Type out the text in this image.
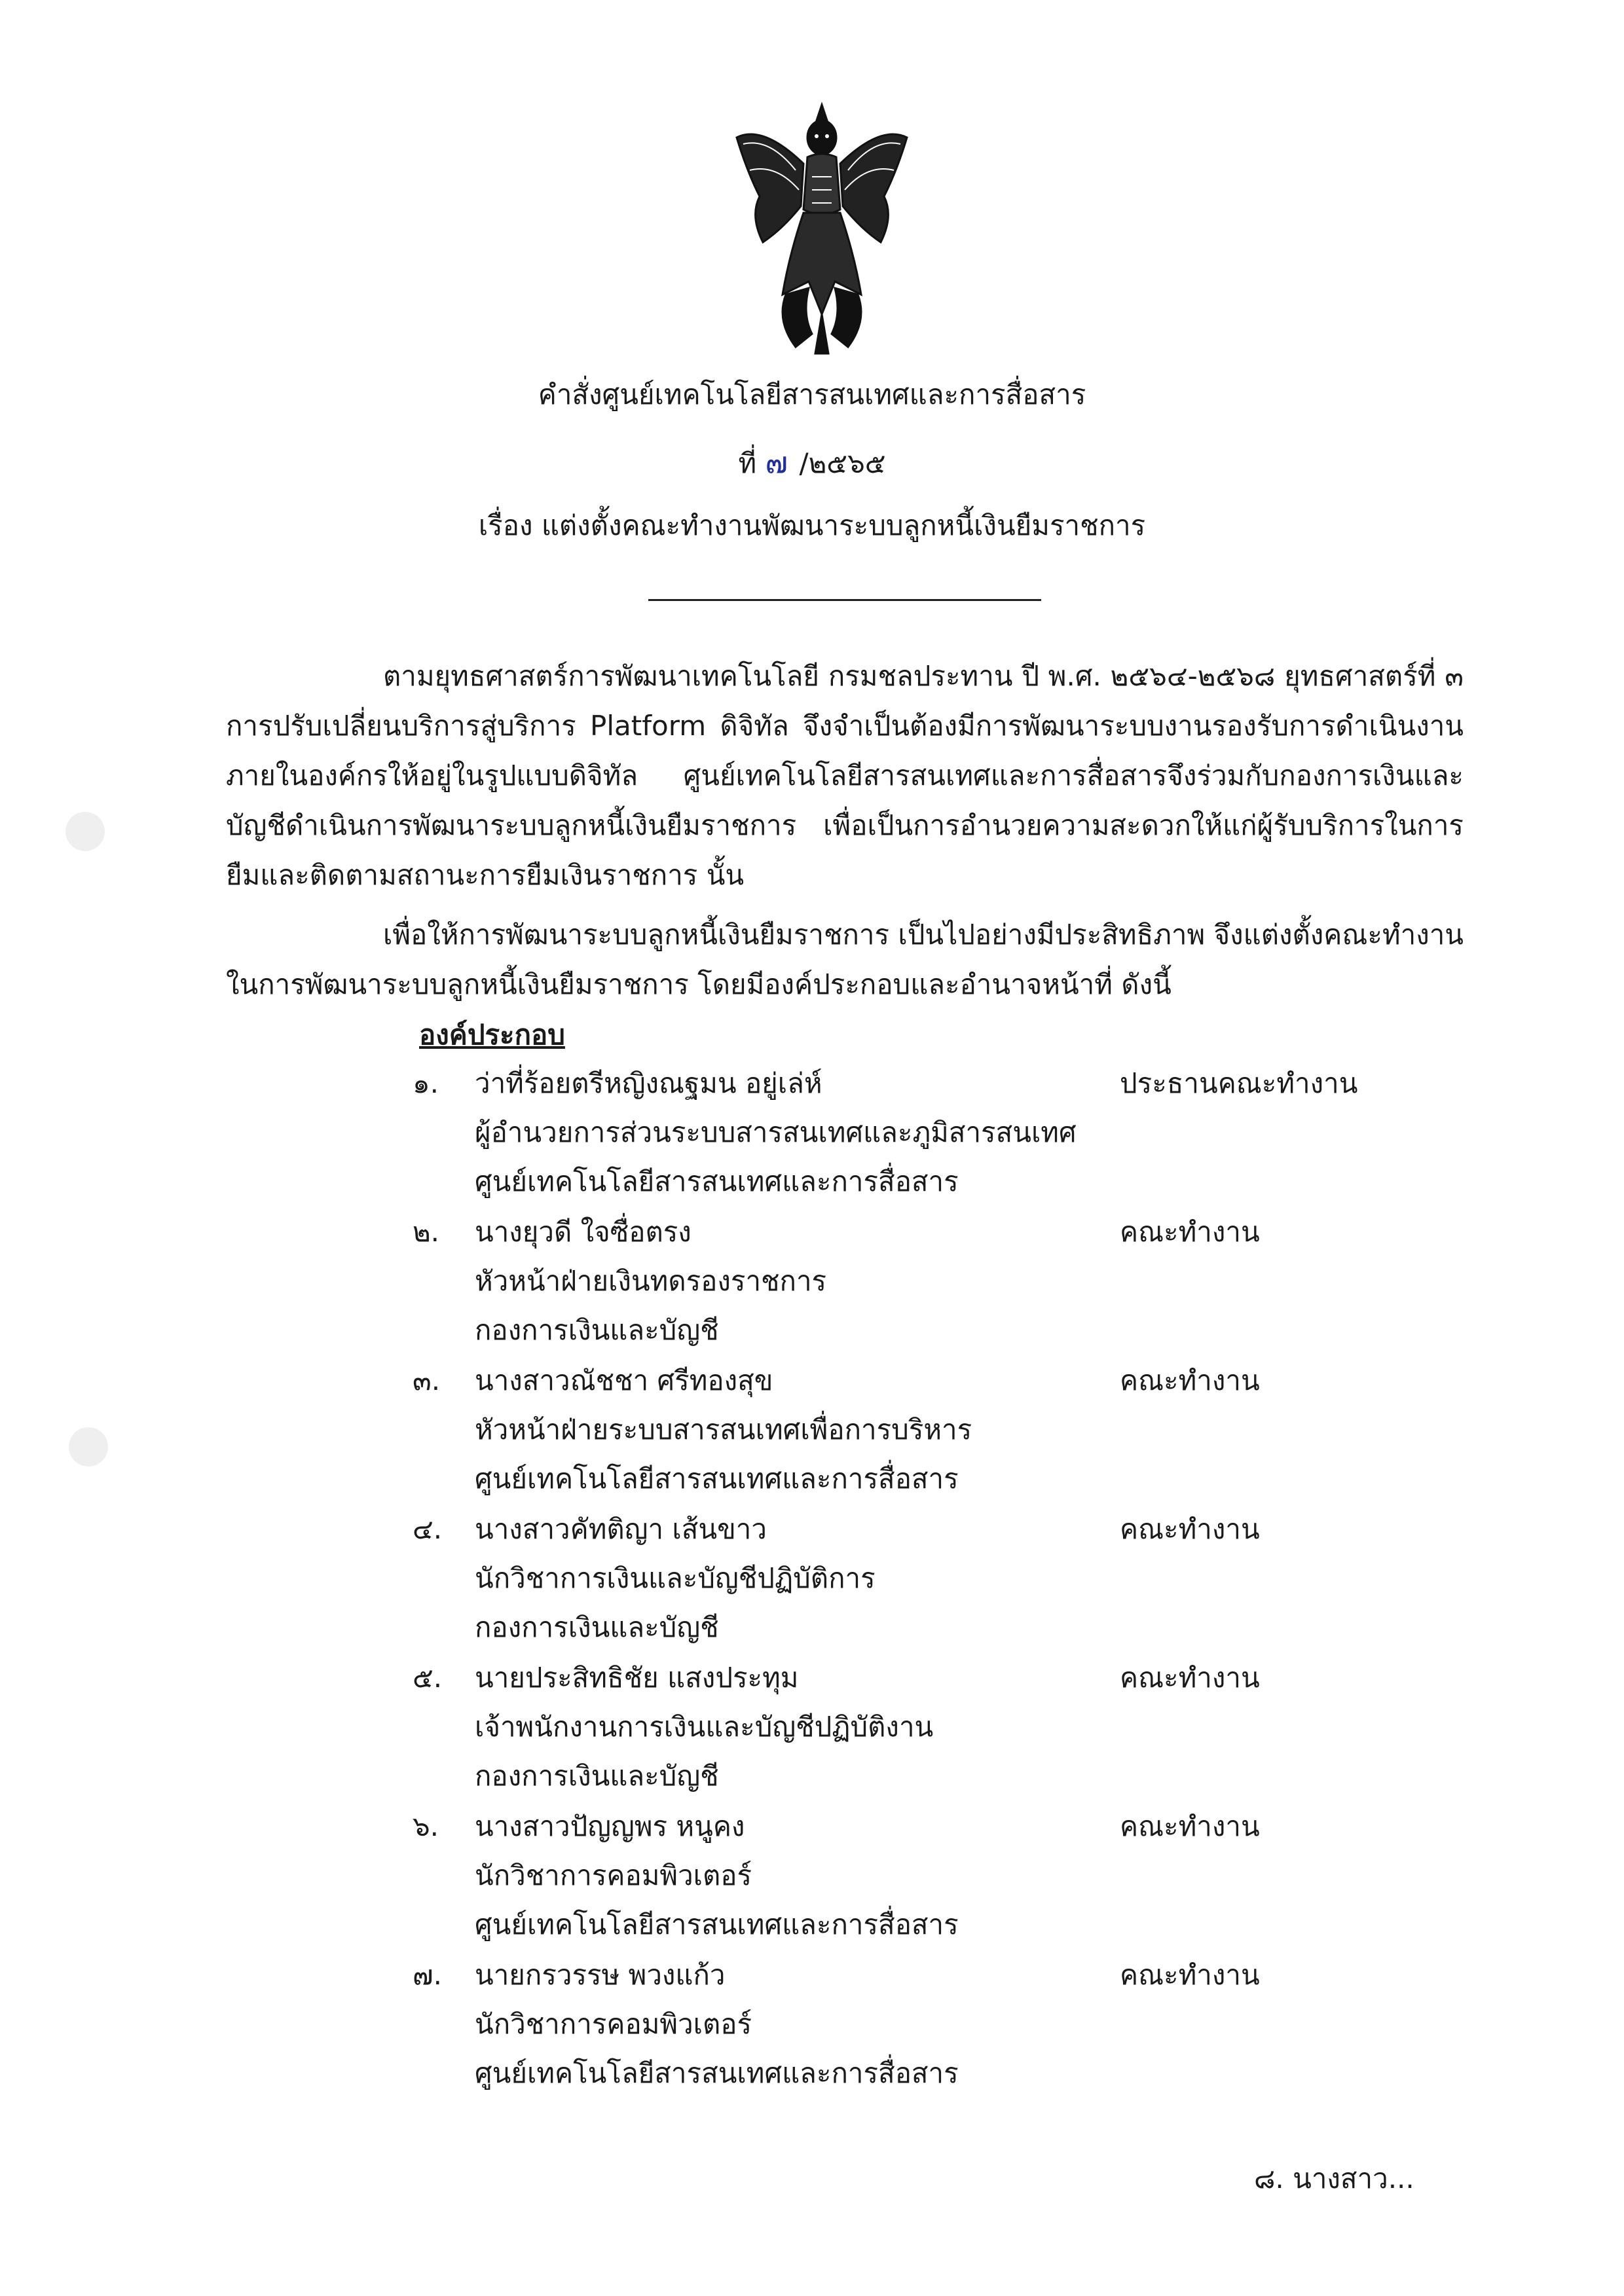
คำสั่งศูนย์เทคโนโลยีสารสนเทศและการสื่อสาร
ที่ ๗ /๒๕๖๕
เรื่อง แต่งตั้งคณะทำงานพัฒนาระบบลูกหนี้เงินยืมราชการ
ตามยุทธศาสตร์การพัฒนาเทคโนโลยี กรมชลประทาน ปี พ.ศ. ๒๕๖๔-๒๕๖๘ ยุทธศาสตร์ที่ ๓ การปรับเปลี่ยนบริการสู่บริการ Platform ดิจิทัล จึงจำเป็นต้องมีการพัฒนาระบบงานรองรับการดำเนินงานภายในองค์กรให้อยู่ในรูปแบบดิจิทัล ศูนย์เทคโนโลยีสารสนเทศและการสื่อสารจึงร่วมกับกองการเงินและบัญชีดำเนินการพัฒนาระบบลูกหนี้เงินยืมราชการ เพื่อเป็นการอำนวยความสะดวกให้แก่ผู้รับบริการในการยืมและติดตามสถานะการยืมเงินราชการ นั้น
เพื่อให้การพัฒนาระบบลูกหนี้เงินยืมราชการ เป็นไปอย่างมีประสิทธิภาพ จึงแต่งตั้งคณะทำงานในการพัฒนาระบบลูกหนี้เงินยืมราชการ โดยมีองค์ประกอบและอำนาจหน้าที่ ดังนี้
องค์ประกอบ
๑.	ว่าที่ร้อยตรีหญิงณฐมน อยู่เล่ห์	ประธานคณะทำงาน
ผู้อำนวยการส่วนระบบสารสนเทศและภูมิสารสนเทศ
ศูนย์เทคโนโลยีสารสนเทศและการสื่อสาร
๒.	นางยุวดี ใจซื่อตรง	คณะทำงาน
หัวหน้าฝ่ายเงินทดรองราชการ
กองการเงินและบัญชี
๓.	นางสาวณัชชา ศรีทองสุข	คณะทำงาน
หัวหน้าฝ่ายระบบสารสนเทศเพื่อการบริหาร
ศูนย์เทคโนโลยีสารสนเทศและการสื่อสาร
๔.	นางสาวคัทติญา เส้นขาว	คณะทำงาน
นักวิชาการเงินและบัญชีปฏิบัติการ
กองการเงินและบัญชี
๕.	นายประสิทธิชัย แสงประทุม	คณะทำงาน
เจ้าพนักงานการเงินและบัญชีปฏิบัติงาน
กองการเงินและบัญชี
๖.	นางสาวปัญญพร หนูคง	คณะทำงาน
นักวิชาการคอมพิวเตอร์
ศูนย์เทคโนโลยีสารสนเทศและการสื่อสาร
๗.	นายกรวรรษ พวงแก้ว	คณะทำงาน
นักวิชาการคอมพิวเตอร์
ศูนย์เทคโนโลยีสารสนเทศและการสื่อสาร
๘. นางสาว...
